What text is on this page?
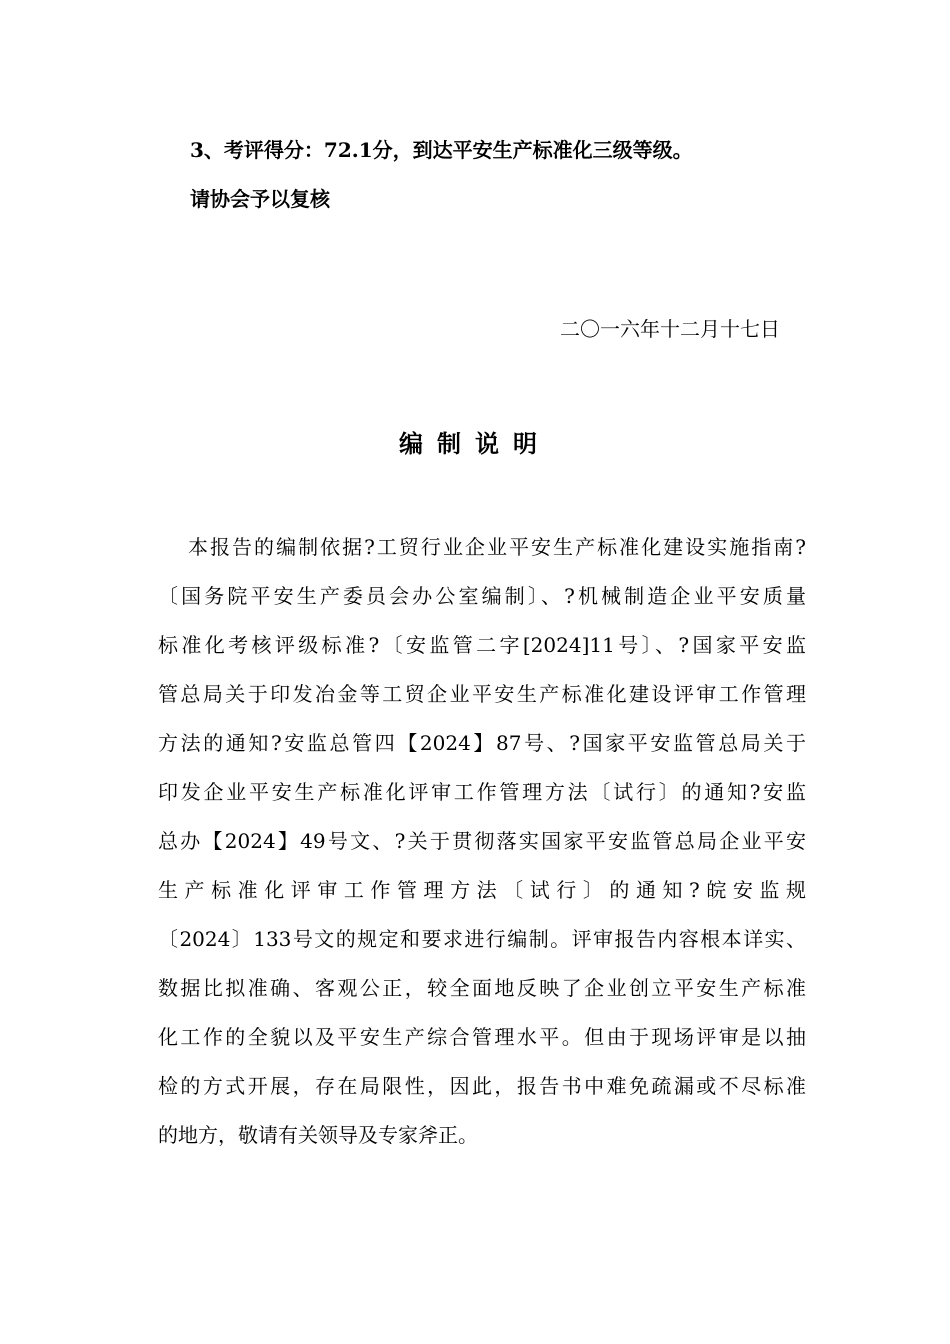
3、考评得分：72.1分，到达平安生产标准化三级等级。
请协会予以复核
二〇一六年十二月十七日
编制说明
本报告的编制依据?工贸行业企业平安生产标准化建设实施指南?
〔国务院平安生产委员会办公室编制〕、?机械制造企业平安质量
标准化考核评级标准?〔安监管二字[2024]11号〕、?国家平安监
管总局关于印发冶金等工贸企业平安生产标准化建设评审工作管理
方法的通知?安监总管四【2024】87号、?国家平安监管总局关于
印发企业平安生产标准化评审工作管理方法〔试行〕的通知?安监
总办【2024】49号文、?关于贯彻落实国家平安监管总局企业平安
生产标准化评审工作管理方法〔试行〕的通知?皖安监规
〔2024〕133号文的规定和要求进行编制。评审报告内容根本详实、
数据比拟准确、客观公正，较全面地反映了企业创立平安生产标准
化工作的全貌以及平安生产综合管理水平。但由于现场评审是以抽
检的方式开展，存在局限性，因此，报告书中难免疏漏或不尽标准
的地方，敬请有关领导及专家斧正。
